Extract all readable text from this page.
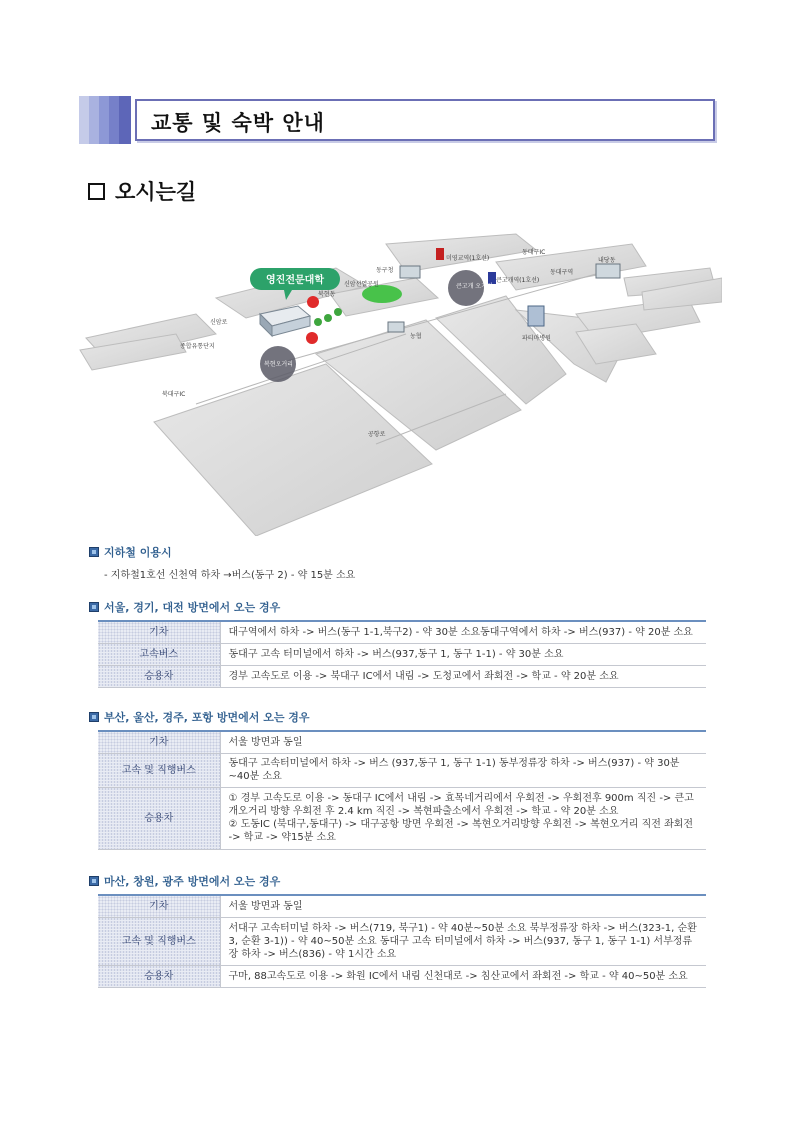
교통 및 숙박 안내
오시는길
영진전문대학
미영교역(1호선)
동구청
신암선열공원
북현동
내당동
큰고개 오거리
큰고개역(1호선)
동대구역
파티마병원
농협
종합유통단지
복현오거리
북대구IC
신암로
공항로
동대구IC
지하철 이용시
- 지하철1호선 신천역 하차 →버스(동구 2) - 약 15분 소요
서울, 경기, 대전 방면에서 오는 경우
기차	대구역에서 하차 -> 버스(동구 1-1,북구2) - 약 30분 소요동대구역에서 하차 -> 버스(937) - 약 20분 소요
고속버스	동대구 고속 터미널에서 하차 -> 버스(937,동구 1, 동구 1-1) - 약 30분 소요
승용차	경부 고속도로 이용 -> 북대구 IC에서 내림 -> 도청교에서 좌회전 -> 학교 - 약 20분 소요
부산, 울산, 경주, 포항 방면에서 오는 경우
기차	서울 방면과 동일
고속 및 직행버스	동대구 고속터미널에서 하차 -> 버스 (937,동구 1, 동구 1-1) 동부정류장 하차 -> 버스(937) - 약 30분 ~40분 소요
승용차	① 경부 고속도로 이용 -> 동대구 IC에서 내림 -> 효목네거리에서 우회전 -> 우회전후 900m 직진 -> 큰고개오거리 방향 우회전 후 2.4 km 직진 -> 복현파출소에서 우회전 -> 학교 - 약 20분 소요
② 도동IC (북대구,동대구) -> 대구공항 방면 우회전 -> 복현오거리방향 우회전 -> 복현오거리 직전 좌회전 -> 학교 -> 약15분 소요
마산, 창원, 광주 방면에서 오는 경우
기차	서울 방면과 동일
고속 및 직행버스	서대구 고속터미널 하차 -> 버스(719, 북구1) - 약 40분~50분 소요 북부정류장 하차 -> 버스(323-1, 순환3, 순환 3-1)) - 약 40~50분 소요 동대구 고속 터미널에서 하차 -> 버스(937, 동구 1, 동구 1-1) 서부정류장 하차 -> 버스(836) - 약 1시간 소요
승용차	구마, 88고속도로 이용 -> 화원 IC에서 내림 신천대로 -> 침산교에서 좌회전 -> 학교 - 약 40~50분 소요
